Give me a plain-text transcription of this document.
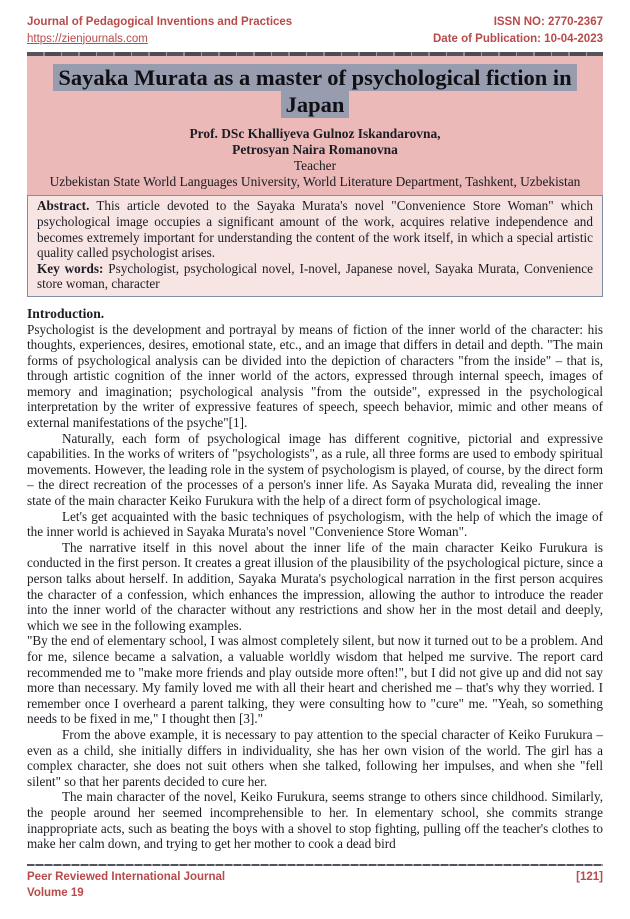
Journal of Pedagogical Inventions and Practices
https://zienjournals.com
ISSN NO: 2770-2367
Date of Publication: 10-04-2023
Sayaka Murata as a master of psychological fiction in Japan
Prof. DSc Khalliyeva Gulnoz Iskandarovna,
Petrosyan Naira Romanovna
Teacher
Uzbekistan State World Languages University, World Literature Department, Tashkent, Uzbekistan

Abstract. This article devoted to the Sayaka Murata's novel "Convenience Store Woman" which psychological image occupies a significant amount of the work, acquires relative independence and becomes extremely important for understanding the content of the work itself, in which a special artistic quality called psychologist arises.

Key words: Psychologist, psychological novel, I-novel, Japanese novel, Sayaka Murata, Convenience store woman, character

Introduction.

Psychologist is the development and portrayal by means of fiction of the inner world of the character: his thoughts, experiences, desires, emotional state, etc., and an image that differs in detail and depth. "The main forms of psychological analysis can be divided into the depiction of characters "from the inside" – that is, through artistic cognition of the inner world of the actors, expressed through internal speech, images of memory and imagination; psychological analysis "from the outside", expressed in the psychological interpretation by the writer of expressive features of speech, speech behavior, mimic and other means of external manifestations of the psyche"[1].

Naturally, each form of psychological image has different cognitive, pictorial and expressive capabilities. In the works of writers of "psychologists", as a rule, all three forms are used to embody spiritual movements. However, the leading role in the system of psychologism is played, of course, by the direct form – the direct recreation of the processes of a person's inner life. As Sayaka Murata did, revealing the inner state of the main character Keiko Furukura with the help of a direct form of psychological image.

Let's get acquainted with the basic techniques of psychologism, with the help of which the image of the inner world is achieved in Sayaka Murata's novel "Convenience Store Woman".

The narrative itself in this novel about the inner life of the main character Keiko Furukura is conducted in the first person. It creates a great illusion of the plausibility of the psychological picture, since a person talks about herself. In addition, Sayaka Murata's psychological narration in the first person acquires the character of a confession, which enhances the impression, allowing the author to introduce the reader into the inner world of the character without any restrictions and show her in the most detail and deeply, which we see in the following examples.

"By the end of elementary school, I was almost completely silent, but now it turned out to be a problem. And for me, silence became a salvation, a valuable worldly wisdom that helped me survive. The report card recommended me to "make more friends and play outside more often!", but I did not give up and did not say more than necessary. My family loved me with all their heart and cherished me – that's why they worried. I remember once I overheard a parent talking, they were consulting how to "cure" me. "Yeah, so something needs to be fixed in me," I thought then [3]."

From the above example, it is necessary to pay attention to the special character of Keiko Furukura – even as a child, she initially differs in individuality, she has her own vision of the world. The girl has a complex character, she does not suit others when she talked, following her impulses, and when she "fell silent" so that her parents decided to cure her.

The main character of the novel, Keiko Furukura, seems strange to others since childhood. Similarly, the people around her seemed incomprehensible to her. In elementary school, she commits strange inappropriate acts, such as beating the boys with a shovel to stop fighting, pulling off the teacher's clothes to make her calm down, and trying to get her mother to cook a dead bird

Peer Reviewed International Journal
Volume 19
[121]
